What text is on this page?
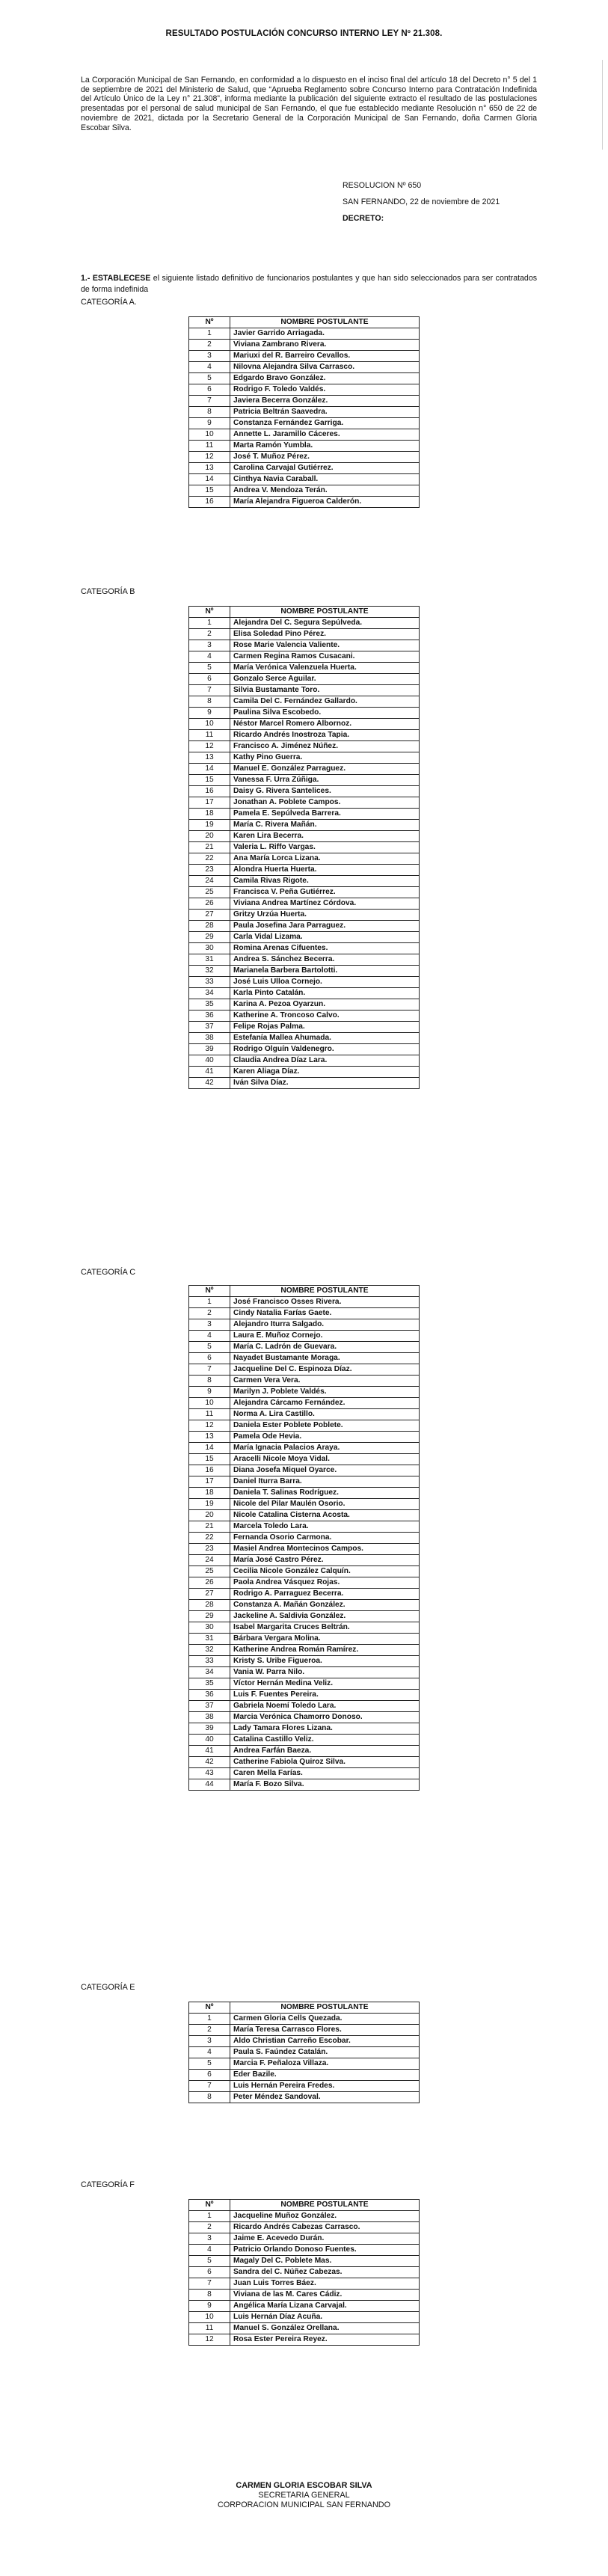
RESULTADO POSTULACIÓN CONCURSO INTERNO LEY Nº 21.308.
La Corporación Municipal de San Fernando, en conformidad a lo dispuesto en el inciso final del artículo 18 del Decreto n° 5 del 1 de septiembre de 2021 del Ministerio de Salud, que “Aprueba Reglamento sobre Concurso Interno para Contratación Indefinida del Artículo Único de la Ley n° 21.308”, informa mediante la publicación del siguiente extracto el resultado de las postulaciones presentadas por el personal de salud municipal de San Fernando, el que fue establecido mediante Resolución n° 650 de 22 de noviembre de 2021, dictada por la Secretario General de la Corporación Municipal de San Fernando, doña Carmen Gloria Escobar Silva.
RESOLUCION Nº 650
SAN FERNANDO, 22 de noviembre de 2021
DECRETO:
1.- ESTABLECESE el siguiente listado definitivo de funcionarios postulantes y que han sido seleccionados para ser contratados de forma indefinida
CATEGORÍA A.
Nº	NOMBRE POSTULANTE
1	Javier Garrido Arriagada.
2	Viviana Zambrano Rivera.
3	Mariuxi del R. Barreiro Cevallos.
4	Nilovna Alejandra Silva Carrasco.
5	Edgardo Bravo González.
6	Rodrigo F. Toledo Valdés.
7	Javiera Becerra González.
8	Patricia Beltrán Saavedra.
9	Constanza Fernández Garriga.
10	Annette L. Jaramillo Cáceres.
11	Marta Ramón Yumbla.
12	José T. Muñoz Pérez.
13	Carolina Carvajal Gutiérrez.
14	Cinthya Navia Caraball.
15	Andrea V. Mendoza Terán.
16	María Alejandra Figueroa Calderón.
CATEGORÍA B
Nº	NOMBRE POSTULANTE
1	Alejandra Del C. Segura Sepúlveda.
2	Elisa Soledad Pino Pérez.
3	Rose Marie Valencia Valiente.
4	Carmen Regina Ramos Cusacani.
5	María Verónica Valenzuela Huerta.
6	Gonzalo Serce Aguilar.
7	Silvia Bustamante Toro.
8	Camila Del C. Fernández Gallardo.
9	Paulina Silva Escobedo.
10	Néstor Marcel Romero Albornoz.
11	Ricardo Andrés Inostroza Tapia.
12	Francisco A. Jiménez Núñez.
13	Kathy Pino Guerra.
14	Manuel E. González Parraguez.
15	Vanessa F. Urra Zúñiga.
16	Daisy G. Rivera Santelices.
17	Jonathan A. Poblete Campos.
18	Pamela E. Sepúlveda Barrera.
19	María C. Rivera Mañán.
20	Karen Lira Becerra.
21	Valeria L. Riffo Vargas.
22	Ana María Lorca Lizana.
23	Alondra Huerta Huerta.
24	Camila Rivas Rigote.
25	Francisca V. Peña Gutiérrez.
26	Viviana Andrea Martínez Córdova.
27	Gritzy Urzúa Huerta.
28	Paula Josefina Jara Parraguez.
29	Carla Vidal Lizama.
30	Romina Arenas Cifuentes.
31	Andrea S. Sánchez Becerra.
32	Marianela Barbera Bartolotti.
33	José Luis Ulloa Cornejo.
34	Karla Pinto Catalán.
35	Karina A. Pezoa Oyarzun.
36	Katherine A. Troncoso Calvo.
37	Felipe Rojas Palma.
38	Estefanía Mallea Ahumada.
39	Rodrigo Olguín Valdenegro.
40	Claudia Andrea Díaz Lara.
41	Karen Aliaga Díaz.
42	Iván Silva Díaz.
CATEGORÍA C
Nº	NOMBRE POSTULANTE
1	José Francisco Osses Rivera.
2	Cindy Natalia Farías Gaete.
3	Alejandro Iturra Salgado.
4	Laura E. Muñoz Cornejo.
5	María C. Ladrón de Guevara.
6	Nayadet Bustamante Moraga.
7	Jacqueline Del C. Espinoza Díaz.
8	Carmen Vera Vera.
9	Marilyn J. Poblete Valdés.
10	Alejandra Cárcamo Fernández.
11	Norma A. Lira Castillo.
12	Daniela Ester Poblete Poblete.
13	Pamela Ode Hevia.
14	María Ignacia Palacios Araya.
15	Aracelli Nicole Moya Vidal.
16	Diana Josefa Miquel Oyarce.
17	Daniel Iturra Barra.
18	Daniela T. Salinas Rodríguez.
19	Nicole del Pilar Maulén Osorio.
20	Nicole Catalina Cisterna Acosta.
21	Marcela Toledo Lara.
22	Fernanda Osorio Carmona.
23	Masiel Andrea Montecinos Campos.
24	María José Castro Pérez.
25	Cecilia Nicole González Calquín.
26	Paola Andrea Vásquez Rojas.
27	Rodrigo A. Parraguez Becerra.
28	Constanza A. Mañán González.
29	Jackeline A. Saldivia González.
30	Isabel Margarita Cruces Beltrán.
31	Bárbara Vergara Molina.
32	Katherine Andrea Román Ramírez.
33	Kristy S. Uribe Figueroa.
34	Vania W. Parra Nilo.
35	Víctor Hernán Medina Veliz.
36	Luis F. Fuentes Pereira.
37	Gabriela Noemí Toledo Lara.
38	Marcia Verónica Chamorro Donoso.
39	Lady Tamara Flores Lizana.
40	Catalina Castillo Veliz.
41	Andrea Farfán Baeza.
42	Catherine Fabiola Quiroz Silva.
43	Caren Mella Farías.
44	María F. Bozo Silva.
CATEGORÍA E
Nº	NOMBRE POSTULANTE
1	Carmen Gloria Cells Quezada.
2	María Teresa Carrasco Flores.
3	Aldo Christian Carreño Escobar.
4	Paula S. Faúndez Catalán.
5	Marcia F. Peñaloza Villaza.
6	Eder Bazile.
7	Luis Hernán Pereira Fredes.
8	Peter Méndez Sandoval.
CATEGORÍA F
Nº	NOMBRE POSTULANTE
1	Jacqueline Muñoz González.
2	Ricardo Andrés Cabezas Carrasco.
3	Jaime E. Acevedo Durán.
4	Patricio Orlando Donoso Fuentes.
5	Magaly Del C. Poblete Mas.
6	Sandra del C. Núñez Cabezas.
7	Juan Luis Torres Báez.
8	Viviana de las M. Cares Cádiz.
9	Angélica María Lizana Carvajal.
10	Luis Hernán Díaz Acuña.
11	Manuel S. González Orellana.
12	Rosa Ester Pereira Reyez.
CARMEN GLORIA ESCOBAR SILVA
SECRETARIA GENERAL
CORPORACION MUNICIPAL SAN FERNANDO
